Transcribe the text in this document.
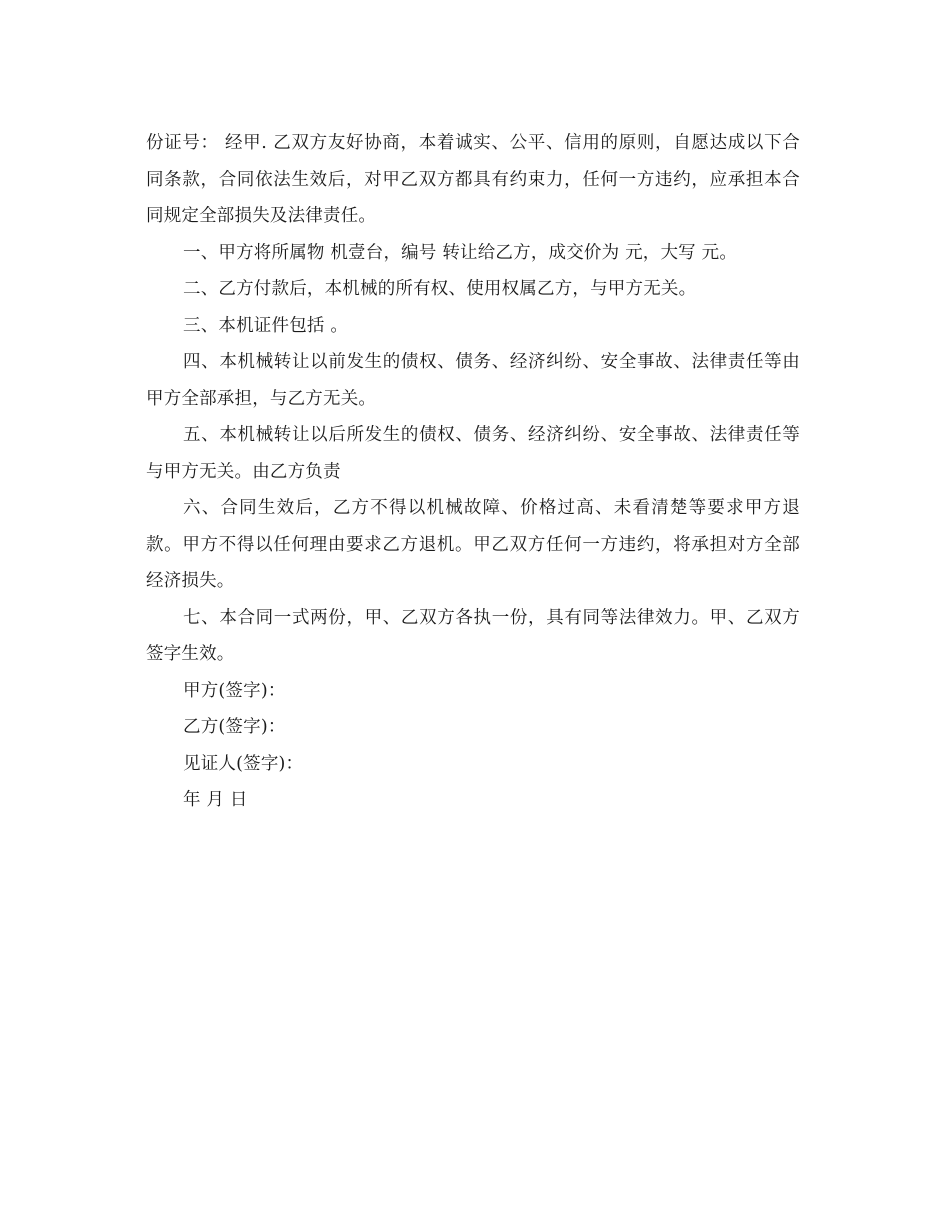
份证号： 经甲. 乙双方友好协商，本着诚实、公平、信用的原则，自愿达成以下合同条款，合同依法生效后，对甲乙双方都具有约束力，任何一方违约，应承担本合同规定全部损失及法律责任。

一、甲方将所属物 机壹台，编号 转让给乙方，成交价为 元，大写 元。

二、乙方付款后，本机械的所有权、使用权属乙方，与甲方无关。

三、本机证件包括 。

四、本机械转让以前发生的债权、债务、经济纠纷、安全事故、法律责任等由甲方全部承担，与乙方无关。

五、本机械转让以后所发生的债权、债务、经济纠纷、安全事故、法律责任等与甲方无关。由乙方负责

六、合同生效后，乙方不得以机械故障、价格过高、未看清楚等要求甲方退款。甲方不得以任何理由要求乙方退机。甲乙双方任何一方违约，将承担对方全部经济损失。

七、本合同一式两份，甲、乙双方各执一份，具有同等法律效力。甲、乙双方签字生效。

甲方(签字)：

乙方(签字)：

见证人(签字)：

年 月 日
